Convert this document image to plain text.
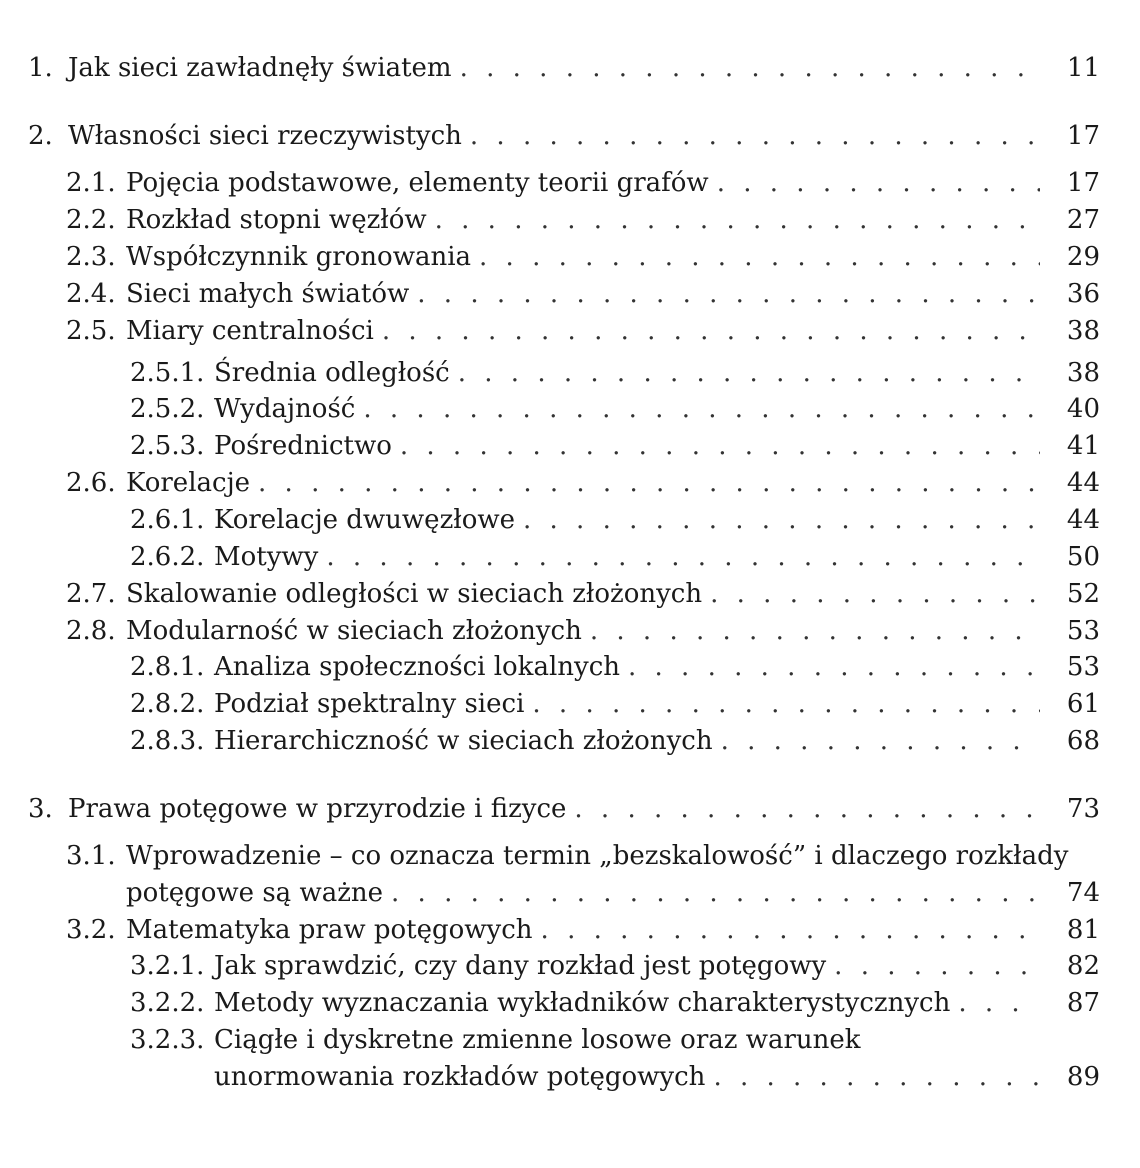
1. Jak sieci zawładnęły światem . . .	11
2. Własności sieci rzeczywistych . . .	17
2.1. Pojęcia podstawowe, elementy teorii grafów . . .	17
2.2. Rozkład stopni węzłów . . .	27
2.3. Współczynnik gronowania . . .	29
2.4. Sieci małych światów . . .	36
2.5. Miary centralności . . .	38
2.5.1. Średnia odległość . . .	38
2.5.2. Wydajność . . .	40
2.5.3. Pośrednictwo . . .	41
2.6. Korelacje . . .	44
2.6.1. Korelacje dwuwęzłowe . . .	44
2.6.2. Motywy . . .	50
2.7. Skalowanie odległości w sieciach złożonych . . .	52
2.8. Modularność w sieciach złożonych . . .	53
2.8.1. Analiza społeczności lokalnych . . .	53
2.8.2. Podział spektralny sieci . . .	61
2.8.3. Hierarchiczność w sieciach złożonych . . .	68
3. Prawa potęgowe w przyrodzie i fizyce . . .	73
3.1. Wprowadzenie – co oznacza termin „bezskalowość” i dlaczego rozkłady
potęgowe są ważne . . .	74
3.2. Matematyka praw potęgowych . . .	81
3.2.1. Jak sprawdzić, czy dany rozkład jest potęgowy . . .	82
3.2.2. Metody wyznaczania wykładników charakterystycznych . . .	87
3.2.3. Ciągłe i dyskretne zmienne losowe oraz warunek
unormowania rozkładów potęgowych . . .	89
